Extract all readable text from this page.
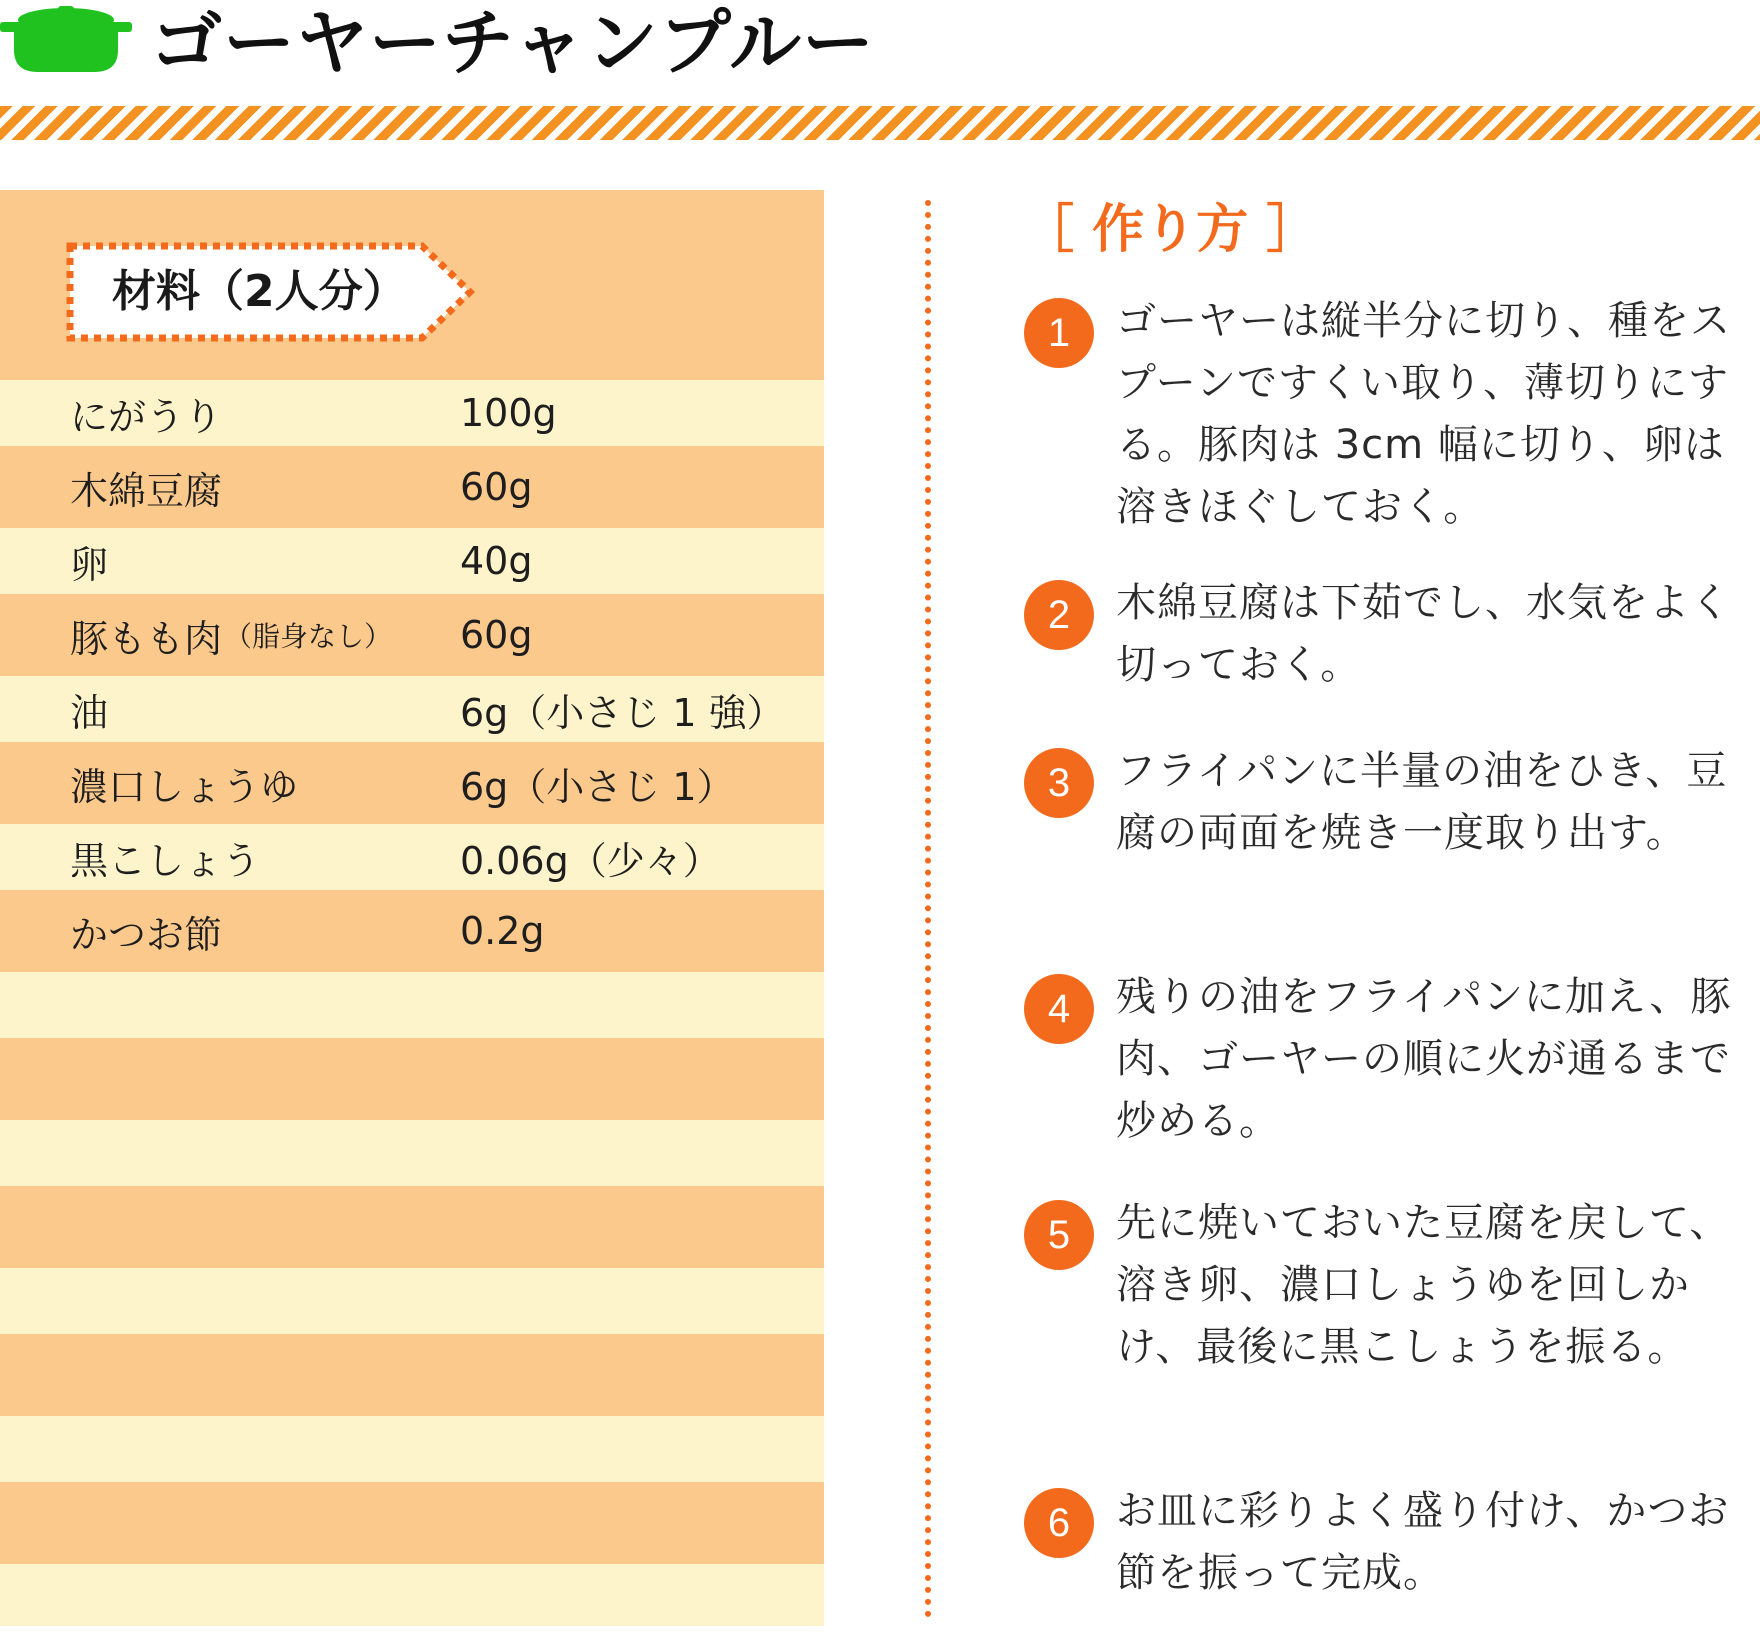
ゴーヤーチャンプルー
材料（2人分）
にがうり	100g
木綿豆腐	60g
卵	40g
豚もも肉 （脂身なし） 60g
油	6g（小さじ 1 強）
濃口しょうゆ	6g（小さじ 1）
黒こしょう	0.06g（少々）
かつお節	0.2g
［ 作り方 ］
1	ゴーヤーは縦半分に切り、種をスプーンですくい取り、薄切りにする。豚肉は 3cm 幅に切り、卵は溶きほぐしておく。
2	木綿豆腐は下茹でし、水気をよく切っておく。
3	フライパンに半量の油をひき、豆腐の両面を焼き一度取り出す。
4	残りの油をフライパンに加え、豚肉、ゴーヤーの順に火が通るまで炒める。
5	先に焼いておいた豆腐を戻して、溶き卵、濃口しょうゆを回しかけ、最後に黒こしょうを振る。
6	お皿に彩りよく盛り付け、かつお節を振って完成。
